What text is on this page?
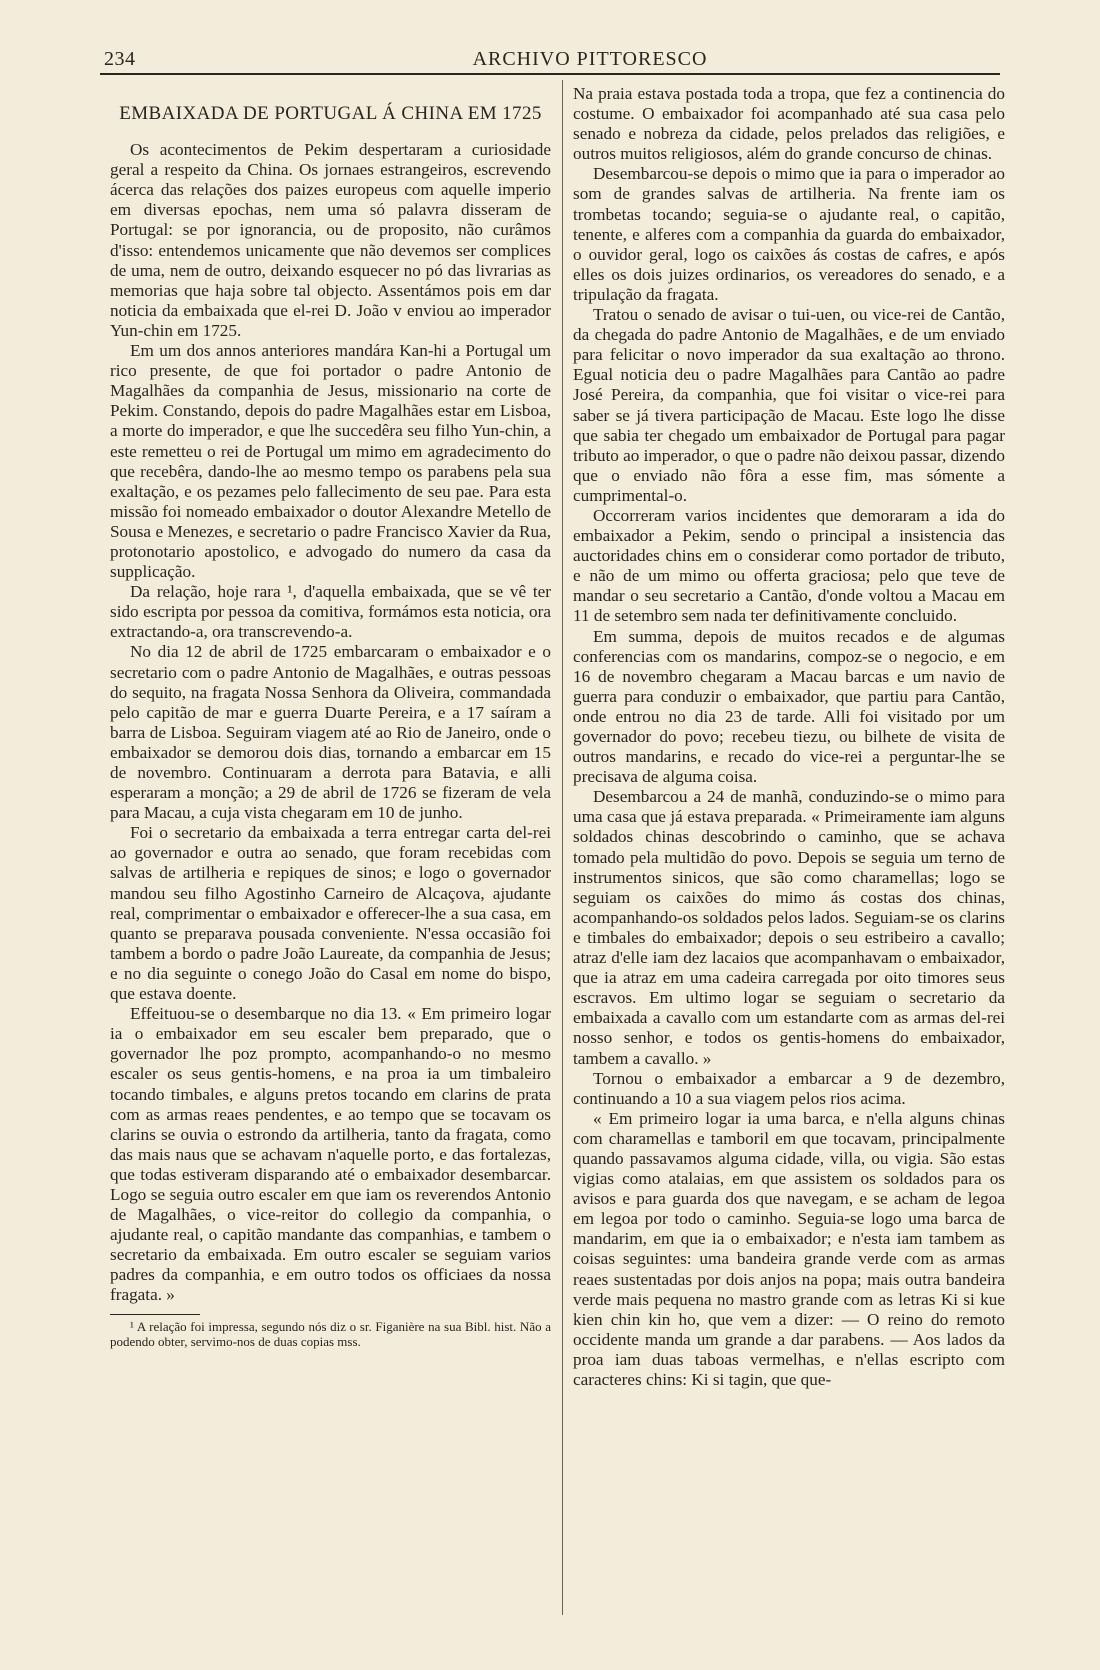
234	ARCHIVO PITTORESCO
EMBAIXADA DE PORTUGAL Á CHINA EM 1725

Os acontecimentos de Pekim despertaram a curiosidade geral a respeito da China. Os jornaes estrangeiros, escrevendo ácerca das relações dos paizes europeus com aquelle imperio em diversas epochas, nem uma só palavra disseram de Portugal: se por ignorancia, ou de proposito, não curâmos d'isso: entendemos unicamente que não devemos ser complices de uma, nem de outro, deixando esquecer no pó das livrarias as memorias que haja sobre tal objecto. Assentámos pois em dar noticia da embaixada que el-rei D. João v enviou ao imperador Yun-chin em 1725.

Em um dos annos anteriores mandára Kan-hi a Portugal um rico presente, de que foi portador o padre Antonio de Magalhães da companhia de Jesus, missionario na corte de Pekim. Constando, depois do padre Magalhães estar em Lisboa, a morte do imperador, e que lhe succedêra seu filho Yun-chin, a este remetteu o rei de Portugal um mimo em agradecimento do que recebêra, dando-lhe ao mesmo tempo os parabens pela sua exaltação, e os pezames pelo fallecimento de seu pae. Para esta missão foi nomeado embaixador o doutor Alexandre Metello de Sousa e Menezes, e secretario o padre Francisco Xavier da Rua, protonotario apostolico, e advogado do numero da casa da supplicação.

Da relação, hoje rara ¹, d'aquella embaixada, que se vê ter sido escripta por pessoa da comitiva, formámos esta noticia, ora extractando-a, ora transcrevendo-a.

No dia 12 de abril de 1725 embarcaram o embaixador e o secretario com o padre Antonio de Magalhães, e outras pessoas do sequito, na fragata Nossa Senhora da Oliveira, commandada pelo capitão de mar e guerra Duarte Pereira, e a 17 saíram a barra de Lisboa. Seguiram viagem até ao Rio de Janeiro, onde o embaixador se demorou dois dias, tornando a embarcar em 15 de novembro. Continuaram a derrota para Batavia, e alli esperaram a monção; a 29 de abril de 1726 se fizeram de vela para Macau, a cuja vista chegaram em 10 de junho.

Foi o secretario da embaixada a terra entregar carta del-rei ao governador e outra ao senado, que foram recebidas com salvas de artilheria e repiques de sinos; e logo o governador mandou seu filho Agostinho Carneiro de Alcaçova, ajudante real, comprimentar o embaixador e offerecer-lhe a sua casa, em quanto se preparava pousada conveniente. N'essa occasião foi tambem a bordo o padre João Laureate, da companhia de Jesus; e no dia seguinte o conego João do Casal em nome do bispo, que estava doente.

Effeituou-se o desembarque no dia 13. « Em primeiro logar ia o embaixador em seu escaler bem preparado, que o governador lhe poz prompto, acompanhando-o no mesmo escaler os seus gentis-homens, e na proa ia um timbaleiro tocando timbales, e alguns pretos tocando em clarins de prata com as armas reaes pendentes, e ao tempo que se tocavam os clarins se ouvia o estrondo da artilheria, tanto da fragata, como das mais naus que se achavam n'aquelle porto, e das fortalezas, que todas estiveram disparando até o embaixador desembarcar. Logo se seguia outro escaler em que iam os reverendos Antonio de Magalhães, o vice-reitor do collegio da companhia, o ajudante real, o capitão mandante das companhias, e tambem o secretario da embaixada. Em outro escaler se seguiam varios padres da companhia, e em outro todos os officiaes da nossa fragata. »

¹ A relação foi impressa, segundo nós diz o sr. Figanière na sua Bibl. hist. Não a podendo obter, servimo-nos de duas copias mss.

Na praia estava postada toda a tropa, que fez a continencia do costume. O embaixador foi acompanhado até sua casa pelo senado e nobreza da cidade, pelos prelados das religiões, e outros muitos religiosos, além do grande concurso de chinas.

Desembarcou-se depois o mimo que ia para o imperador ao som de grandes salvas de artilheria. Na frente iam os trombetas tocando; seguia-se o ajudante real, o capitão, tenente, e alferes com a companhia da guarda do embaixador, o ouvidor geral, logo os caixões ás costas de cafres, e após elles os dois juizes ordinarios, os vereadores do senado, e a tripulação da fragata.

Tratou o senado de avisar o tui-uen, ou vice-rei de Cantão, da chegada do padre Antonio de Magalhães, e de um enviado para felicitar o novo imperador da sua exaltação ao throno. Egual noticia deu o padre Magalhães para Cantão ao padre José Pereira, da companhia, que foi visitar o vice-rei para saber se já tivera participação de Macau. Este logo lhe disse que sabia ter chegado um embaixador de Portugal para pagar tributo ao imperador, o que o padre não deixou passar, dizendo que o enviado não fôra a esse fim, mas sómente a cumprimental-o.

Occorreram varios incidentes que demoraram a ida do embaixador a Pekim, sendo o principal a insistencia das auctoridades chins em o considerar como portador de tributo, e não de um mimo ou offerta graciosa; pelo que teve de mandar o seu secretario a Cantão, d'onde voltou a Macau em 11 de setembro sem nada ter definitivamente concluido.

Em summa, depois de muitos recados e de algumas conferencias com os mandarins, compoz-se o negocio, e em 16 de novembro chegaram a Macau barcas e um navio de guerra para conduzir o embaixador, que partiu para Cantão, onde entrou no dia 23 de tarde. Alli foi visitado por um governador do povo; recebeu tiezu, ou bilhete de visita de outros mandarins, e recado do vice-rei a perguntar-lhe se precisava de alguma coisa.

Desembarcou a 24 de manhã, conduzindo-se o mimo para uma casa que já estava preparada. « Primeiramente iam alguns soldados chinas descobrindo o caminho, que se achava tomado pela multidão do povo. Depois se seguia um terno de instrumentos sinicos, que são como charamellas; logo se seguiam os caixões do mimo ás costas dos chinas, acompanhando-os soldados pelos lados. Seguiam-se os clarins e timbales do embaixador; depois o seu estribeiro a cavallo; atraz d'elle iam dez lacaios que acompanhavam o embaixador, que ia atraz em uma cadeira carregada por oito timores seus escravos. Em ultimo logar se seguiam o secretario da embaixada a cavallo com um estandarte com as armas del-rei nosso senhor, e todos os gentis-homens do embaixador, tambem a cavallo. »

Tornou o embaixador a embarcar a 9 de dezembro, continuando a 10 a sua viagem pelos rios acima.

« Em primeiro logar ia uma barca, e n'ella alguns chinas com charamellas e tamboril em que tocavam, principalmente quando passavamos alguma cidade, villa, ou vigia. São estas vigias como atalaias, em que assistem os soldados para os avisos e para guarda dos que navegam, e se acham de legoa em legoa por todo o caminho. Seguia-se logo uma barca de mandarim, em que ia o embaixador; e n'esta iam tambem as coisas seguintes: uma bandeira grande verde com as armas reaes sustentadas por dois anjos na popa; mais outra bandeira verde mais pequena no mastro grande com as letras Ki si kue kien chin kin ho, que vem a dizer: — O reino do remoto occidente manda um grande a dar parabens. — Aos lados da proa iam duas taboas vermelhas, e n'ellas escripto com caracteres chins: Ki si tagin, que que-
